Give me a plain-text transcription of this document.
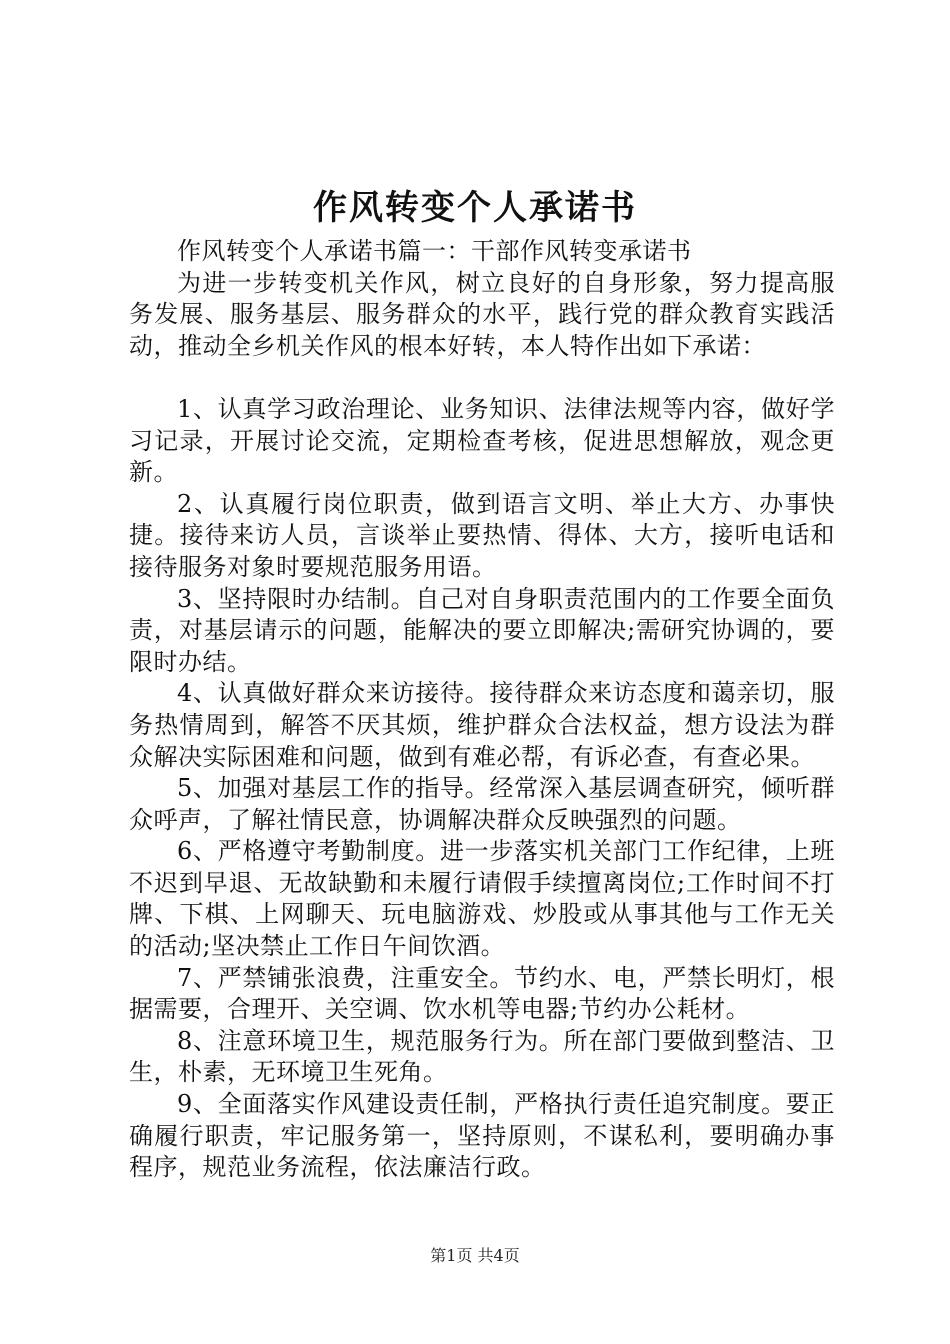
作风转变个人承诺书

作风转变个人承诺书篇一：干部作风转变承诺书

为进一步转变机关作风，树立良好的自身形象，努力提高服务发展、服务基层、服务群众的水平，践行党的群众教育实践活动，推动全乡机关作风的根本好转，本人特作出如下承诺：

1、认真学习政治理论、业务知识、法律法规等内容，做好学习记录，开展讨论交流，定期检查考核，促进思想解放，观念更新。

2、认真履行岗位职责，做到语言文明、举止大方、办事快捷。接待来访人员，言谈举止要热情、得体、大方，接听电话和接待服务对象时要规范服务用语。

3、坚持限时办结制。自己对自身职责范围内的工作要全面负责，对基层请示的问题，能解决的要立即解决;需研究协调的，要限时办结。

4、认真做好群众来访接待。接待群众来访态度和蔼亲切，服务热情周到，解答不厌其烦，维护群众合法权益，想方设法为群众解决实际困难和问题，做到有难必帮，有诉必查，有查必果。

5、加强对基层工作的指导。经常深入基层调查研究，倾听群众呼声，了解社情民意，协调解决群众反映强烈的问题。

6、严格遵守考勤制度。进一步落实机关部门工作纪律，上班不迟到早退、无故缺勤和未履行请假手续擅离岗位;工作时间不打牌、下棋、上网聊天、玩电脑游戏、炒股或从事其他与工作无关的活动;坚决禁止工作日午间饮酒。

7、严禁铺张浪费，注重安全。节约水、电，严禁长明灯，根据需要，合理开、关空调、饮水机等电器;节约办公耗材。

8、注意环境卫生，规范服务行为。所在部门要做到整洁、卫生，朴素，无环境卫生死角。

9、全面落实作风建设责任制，严格执行责任追究制度。要正确履行职责，牢记服务第一，坚持原则，不谋私利，要明确办事程序，规范业务流程，依法廉洁行政。

第1页 共4页
